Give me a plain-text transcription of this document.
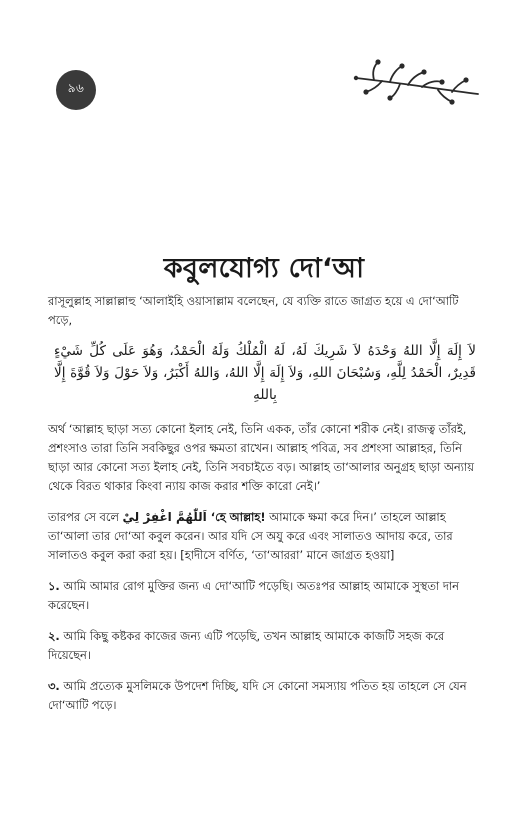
৯৬
কবুলযোগ্য দো‘আ

রাসূলুল্লাহ সাল্লাল্লাহু ‘আলাইহি ওয়াসাল্লাম বলেছেন, যে ব্যক্তি রাতে জাগ্রত হয়ে এ দো‘আটি পড়ে,

لاَ إِلَهَ إِلَّا اللهُ وَحْدَهُ لاَ شَرِيكَ لَهُ، لَهُ الْمُلْكُ وَلَهُ الْحَمْدُ، وَهُوَ عَلَى كُلِّ شَيْءٍ قَدِيرٌ، الْحَمْدُ لِلَّهِ، وَسُبْحَانَ اللهِ، وَلاَ إِلَهَ إِلَّا اللهُ، وَاللهُ أَكْبَرُ، وَلاَ حَوْلَ وَلاَ قُوَّةَ إِلَّا بِاللهِ

অর্থ ‘আল্লাহ ছাড়া সত্য কোনো ইলাহ নেই, তিনি একক, তাঁর কোনো শরীক নেই। রাজত্ব তাঁরই, প্রশংসাও তারা তিনি সবকিছুর ওপর ক্ষমতা রাখেন। আল্লাহ পবিত্র, সব প্রশংসা আল্লাহর, তিনি ছাড়া আর কোনো সত্য ইলাহ নেই, তিনি সবচাইতে বড়। আল্লাহ তা‘আলার অনুগ্রহ ছাড়া অন্যায় থেকে বিরত থাকার কিংবা ন্যায় কাজ করার শক্তি কারো নেই।’

তারপর সে বলে اَللّٰهُمَّ اغْفِرْ لِيْ ‘হে আল্লাহ! আমাকে ক্ষমা করে দিন।’ তাহলে আল্লাহ তা‘আলা তার দো‘আ কবুল করেন। আর যদি সে অযু করে এবং সালাতও আদায় করে, তার সালাতও কবুল করা করা হয়। [হাদীসে বর্ণিত, ‘তা‘আররা’ মানে জাগ্রত হওয়া]

১. আমি আমার রোগ মুক্তির জন্য এ দো‘আটি পড়েছি। অতঃপর আল্লাহ আমাকে সুস্থতা দান করেছেন।

২. আমি কিছু কষ্টকর কাজের জন্য এটি পড়েছি, তখন আল্লাহ আমাকে কাজটি সহজ করে দিয়েছেন।

৩. আমি প্রত্যেক মুসলিমকে উপদেশ দিচ্ছি, যদি সে কোনো সমস্যায় পতিত হয় তাহলে সে যেন দো‘আটি পড়ে।
